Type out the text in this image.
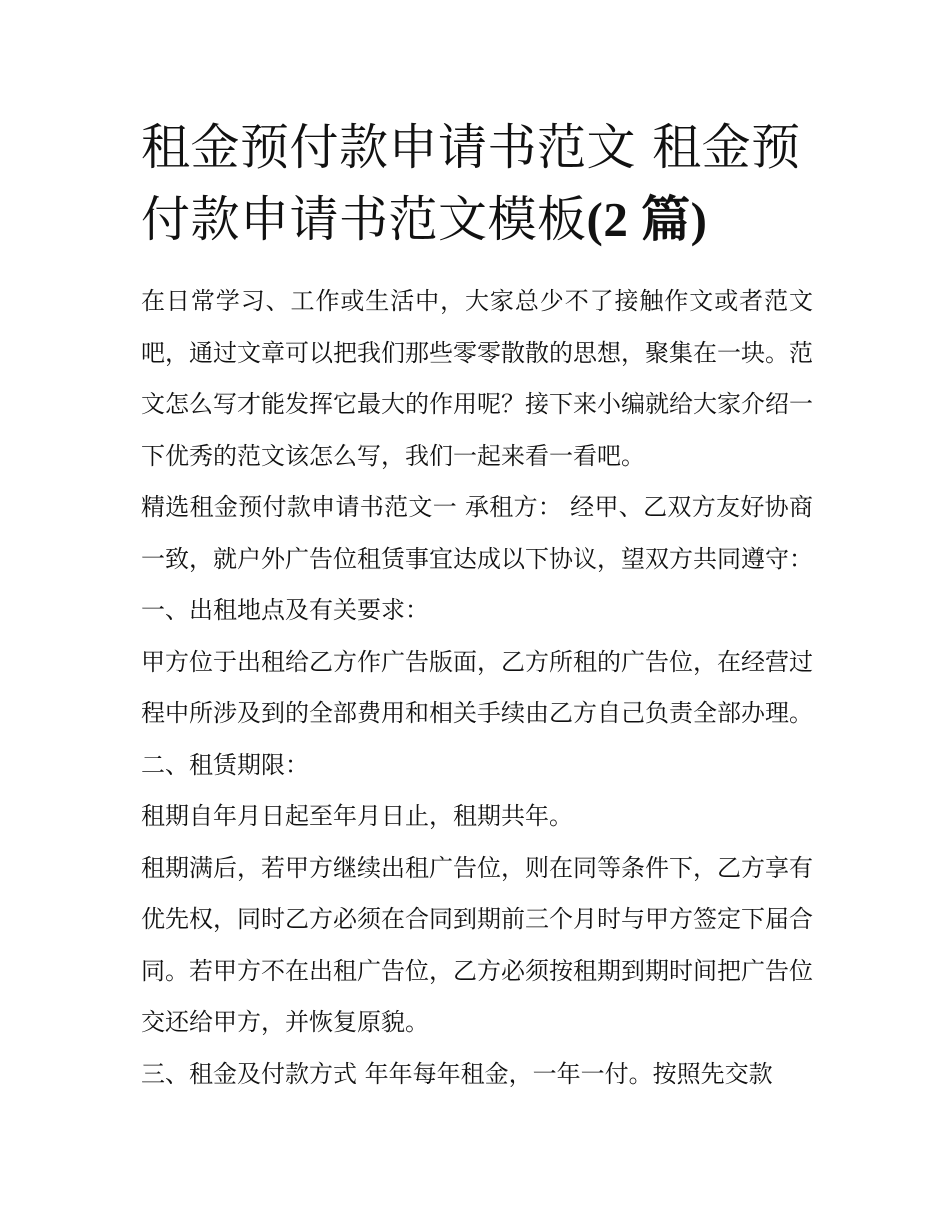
租金预付款申请书范文 租金预付款申请书范文模板(2 篇)

在日常学习、工作或生活中，大家总少不了接触作文或者范文吧，通过文章可以把我们那些零零散散的思想，聚集在一块。范文怎么写才能发挥它最大的作用呢？接下来小编就给大家介绍一下优秀的范文该怎么写，我们一起来看一看吧。

精选租金预付款申请书范文一 承租方： 经甲、乙双方友好协商一致，就户外广告位租赁事宜达成以下协议，望双方共同遵守： 一、出租地点及有关要求：

甲方位于出租给乙方作广告版面，乙方所租的广告位，在经营过程中所涉及到的全部费用和相关手续由乙方自己负责全部办理。 二、租赁期限：

租期自年月日起至年月日止，租期共年。

租期满后，若甲方继续出租广告位，则在同等条件下，乙方享有优先权，同时乙方必须在合同到期前三个月时与甲方签定下届合同。若甲方不在出租广告位，乙方必须按租期到期时间把广告位交还给甲方，并恢复原貌。

三、租金及付款方式 年年每年租金，一年一付。按照先交款
